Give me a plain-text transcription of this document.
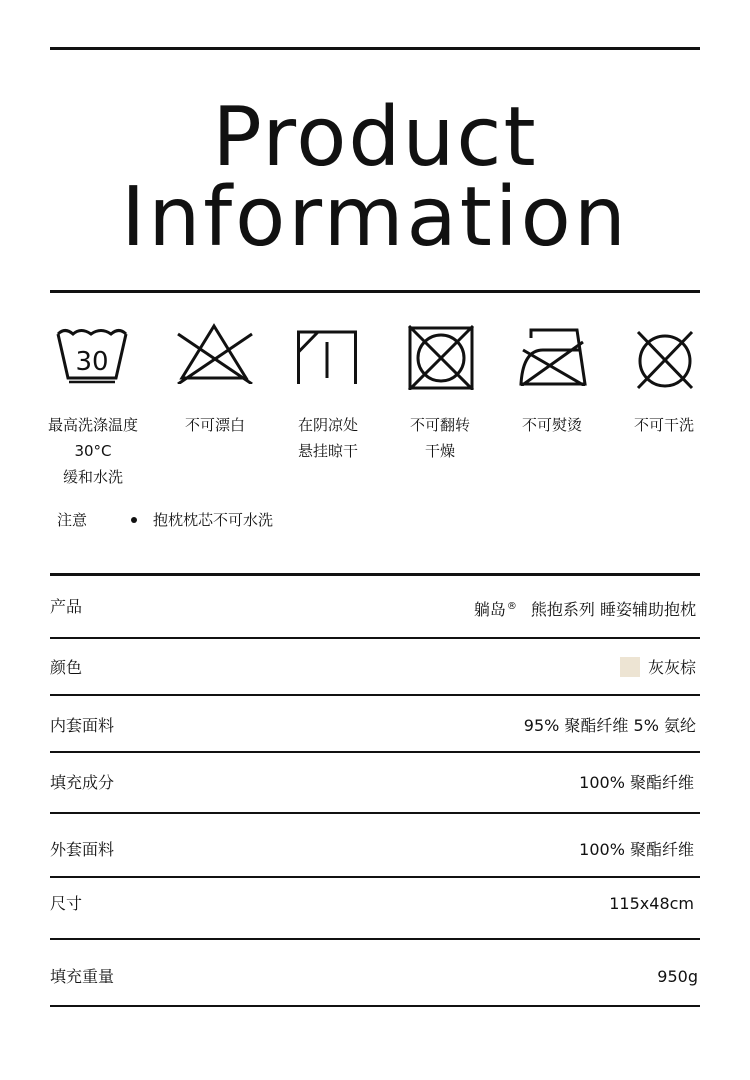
Product
Information
30
最高洗涤温度
30°C
缓和水洗
不可漂白	在阴凉处
悬挂晾干
不可翻转
干燥
不可熨烫	不可干洗
注意	抱枕枕芯不可水洗
产品	躺岛® 熊抱系列 睡姿辅助抱枕
颜色	灰灰棕
内套面料	95% 聚酯纤维 5% 氨纶
填充成分	100% 聚酯纤维
外套面料	100% 聚酯纤维
尺寸	115x48cm
填充重量	950g
